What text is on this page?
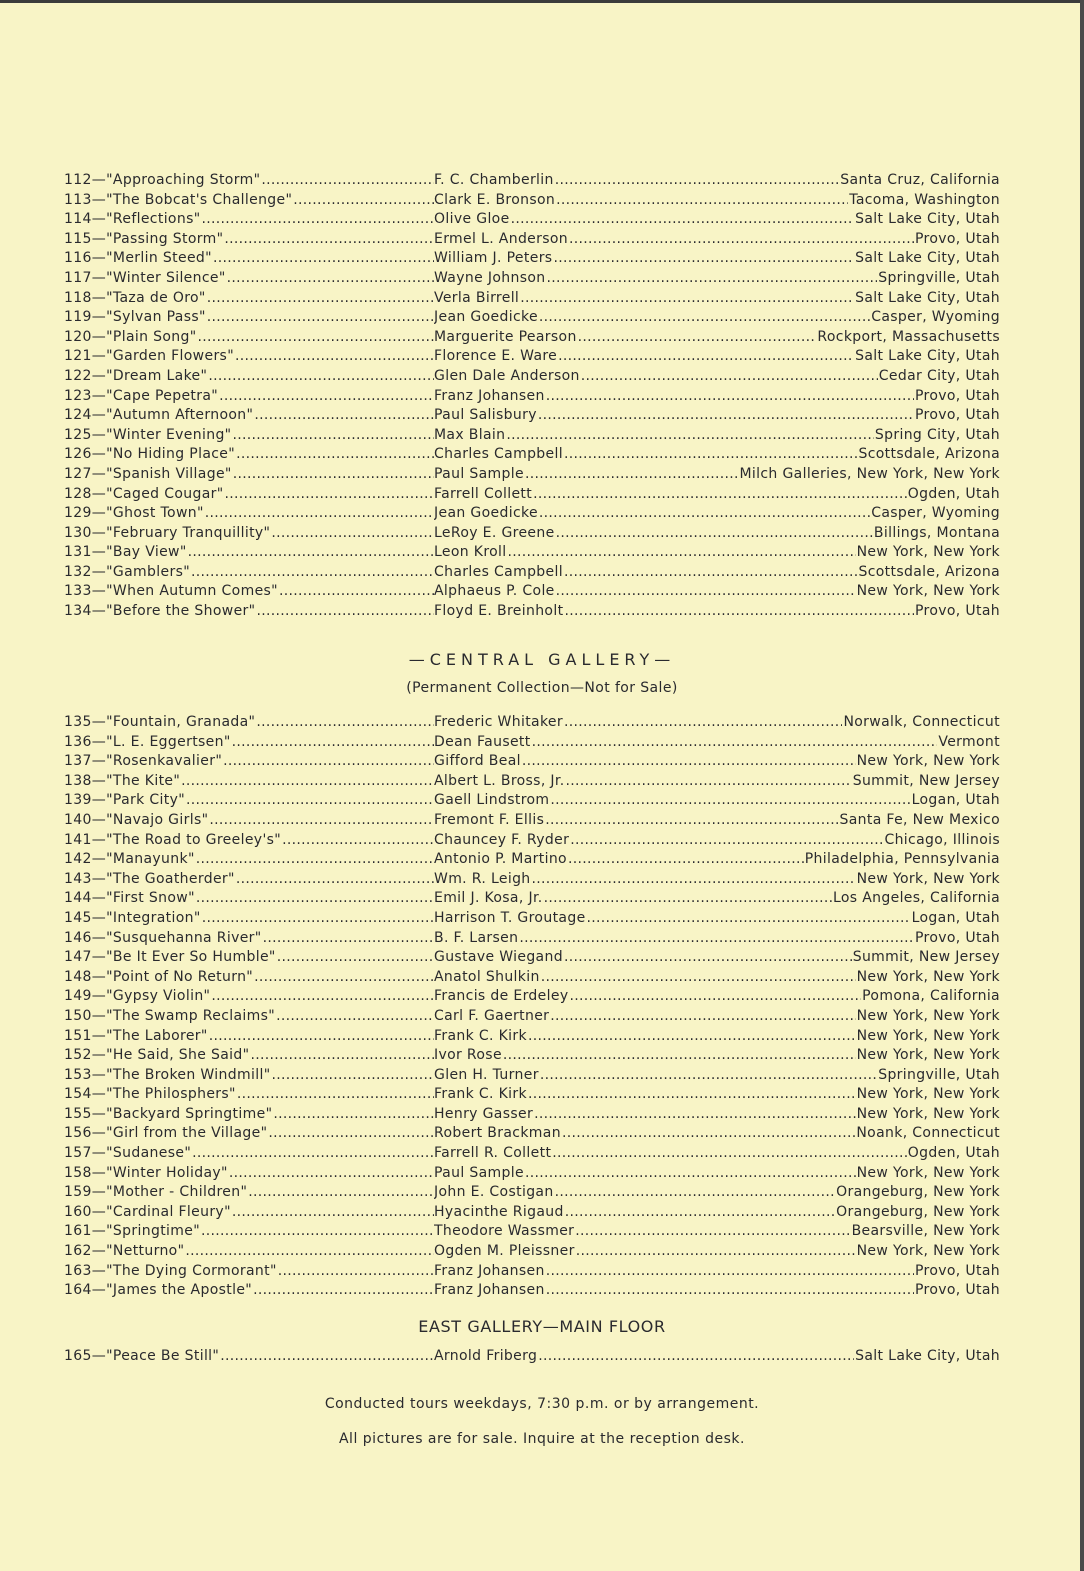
112—"Approaching Storm" .....	F. C. Chamberlin .....	Santa Cruz, California
113—"The Bobcat's Challenge" .....	Clark E. Bronson .....	Tacoma, Washington
114—"Reflections" .....	Olive Gloe .....	Salt Lake City, Utah
115—"Passing Storm" .....	Ermel L. Anderson .....	Provo, Utah
116—"Merlin Steed" .....	William J. Peters .....	Salt Lake City, Utah
117—"Winter Silence" .....	Wayne Johnson .....	Springville, Utah
118—"Taza de Oro" .....	Verla Birrell .....	Salt Lake City, Utah
119—"Sylvan Pass" .....	Jean Goedicke .....	Casper, Wyoming
120—"Plain Song" .....	Marguerite Pearson .....	Rockport, Massachusetts
121—"Garden Flowers" .....	Florence E. Ware .....	Salt Lake City, Utah
122—"Dream Lake" .....	Glen Dale Anderson .....	Cedar City, Utah
123—"Cape Pepetra" .....	Franz Johansen .....	Provo, Utah
124—"Autumn Afternoon" .....	Paul Salisbury .....	Provo, Utah
125—"Winter Evening" .....	Max Blain .....	Spring City, Utah
126—"No Hiding Place" .....	Charles Campbell .....	Scottsdale, Arizona
127—"Spanish Village" .....	Paul Sample .....	Milch Galleries, New York, New York
128—"Caged Cougar" .....	Farrell Collett .....	Ogden, Utah
129—"Ghost Town" .....	Jean Goedicke .....	Casper, Wyoming
130—"February Tranquillity" .....	LeRoy E. Greene .....	Billings, Montana
131—"Bay View" .....	Leon Kroll .....	New York, New York
132—"Gamblers" .....	Charles Campbell .....	Scottsdale, Arizona
133—"When Autumn Comes" .....	Alphaeus P. Cole .....	New York, New York
134—"Before the Shower" .....	Floyd E. Breinholt .....	Provo, Utah
—CENTRAL GALLERY—
(Permanent Collection—Not for Sale)
135—"Fountain, Granada" .....	Frederic Whitaker .....	Norwalk, Connecticut
136—"L. E. Eggertsen" .....	Dean Fausett .....	Vermont
137—"Rosenkavalier" .....	Gifford Beal .....	New York, New York
138—"The Kite" .....	Albert L. Bross, Jr. .....	Summit, New Jersey
139—"Park City" .....	Gaell Lindstrom .....	Logan, Utah
140—"Navajo Girls" .....	Fremont F. Ellis .....	Santa Fe, New Mexico
141—"The Road to Greeley's" .....	Chauncey F. Ryder .....	Chicago, Illinois
142—"Manayunk" .....	Antonio P. Martino .....	Philadelphia, Pennsylvania
143—"The Goatherder" .....	Wm. R. Leigh .....	New York, New York
144—"First Snow" .....	Emil J. Kosa, Jr. .....	Los Angeles, California
145—"Integration" .....	Harrison T. Groutage .....	Logan, Utah
146—"Susquehanna River" .....	B. F. Larsen .....	Provo, Utah
147—"Be It Ever So Humble" .....	Gustave Wiegand .....	Summit, New Jersey
148—"Point of No Return" .....	Anatol Shulkin .....	New York, New York
149—"Gypsy Violin" .....	Francis de Erdeley .....	Pomona, California
150—"The Swamp Reclaims" .....	Carl F. Gaertner .....	New York, New York
151—"The Laborer" .....	Frank C. Kirk .....	New York, New York
152—"He Said, She Said" .....	Ivor Rose .....	New York, New York
153—"The Broken Windmill" .....	Glen H. Turner .....	Springville, Utah
154—"The Philosphers" .....	Frank C. Kirk .....	New York, New York
155—"Backyard Springtime" .....	Henry Gasser .....	New York, New York
156—"Girl from the Village" .....	Robert Brackman .....	Noank, Connecticut
157—"Sudanese" .....	Farrell R. Collett .....	Ogden, Utah
158—"Winter Holiday" .....	Paul Sample .....	New York, New York
159—"Mother - Children" .....	John E. Costigan .....	Orangeburg, New York
160—"Cardinal Fleury" .....	Hyacinthe Rigaud .....	Orangeburg, New York
161—"Springtime" .....	Theodore Wassmer .....	Bearsville, New York
162—"Netturno" .....	Ogden M. Pleissner .....	New York, New York
163—"The Dying Cormorant" .....	Franz Johansen .....	Provo, Utah
164—"James the Apostle" .....	Franz Johansen .....	Provo, Utah
EAST GALLERY—MAIN FLOOR
165—"Peace Be Still" .....	Arnold Friberg .....	Salt Lake City, Utah
Conducted tours weekdays, 7:30 p.m. or by arrangement.
All pictures are for sale. Inquire at the reception desk.
